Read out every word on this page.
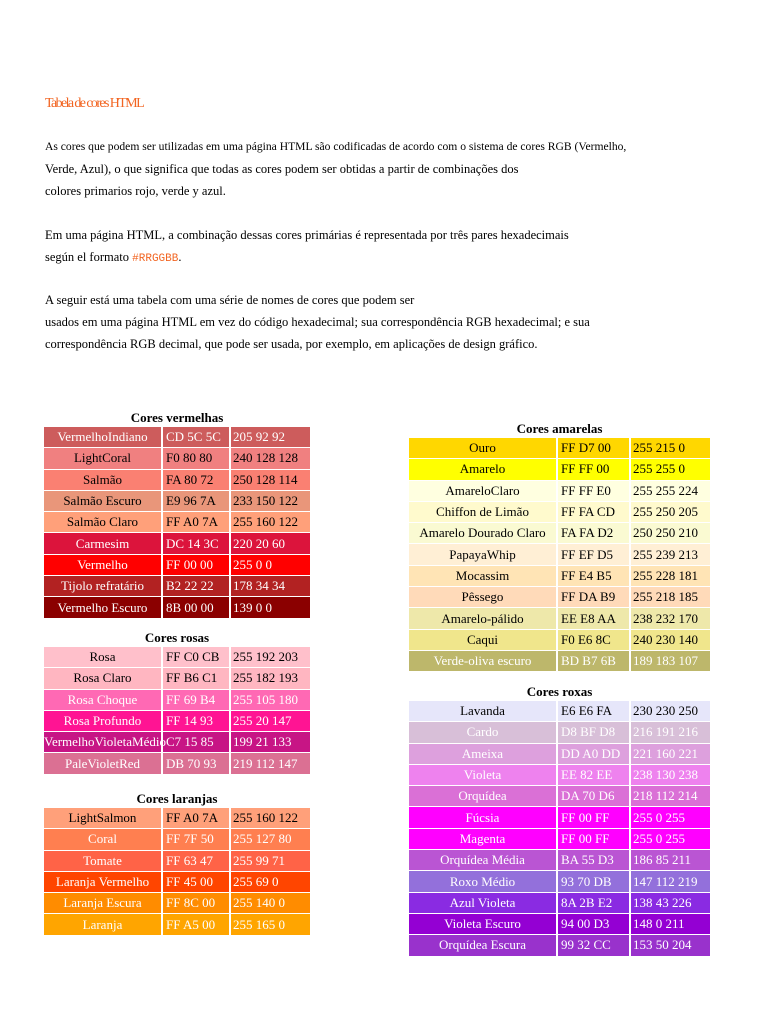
Tabela de cores HTML
As cores que podem ser utilizadas em uma página HTML são codificadas de acordo com o sistema de cores RGB (Vermelho,
Verde, Azul), o que significa que todas as cores podem ser obtidas a partir de combinações dos
colores primarios rojo, verde y azul.
Em uma página HTML, a combinação dessas cores primárias é representada por três pares hexadecimais
según el formato #RRGGBB.
A seguir está uma tabela com uma série de nomes de cores que podem ser
usados em uma página HTML em vez do código hexadecimal; sua correspondência RGB hexadecimal; e sua
correspondência RGB decimal, que pode ser usada, por exemplo, em aplicações de design gráfico.
Cores vermelhas
VermelhoIndiano	CD 5C 5C	205 92 92
LightCoral	F0 80 80	240 128 128
Salmão	FA 80 72	250 128 114
Salmão Escuro	E9 96 7A	233 150 122
Salmão Claro	FF A0 7A	255 160 122
Carmesim	DC 14 3C	220 20 60
Vermelho	FF 00 00	255 0 0
Tijolo refratário	B2 22 22	178 34 34
Vermelho Escuro	8B 00 00	139 0 0
Cores rosas
Rosa	FF C0 CB	255 192 203
Rosa Claro	FF B6 C1	255 182 193
Rosa Choque	FF 69 B4	255 105 180
Rosa Profundo	FF 14 93	255 20 147
VermelhoVioletaMédio	C7 15 85	199 21 133
PaleVioletRed	DB 70 93	219 112 147
Cores laranjas
LightSalmon	FF A0 7A	255 160 122
Coral	FF 7F 50	255 127 80
Tomate	FF 63 47	255 99 71
Laranja Vermelho	FF 45 00	255 69 0
Laranja Escura	FF 8C 00	255 140 0
Laranja	FF A5 00	255 165 0
Cores amarelas
Ouro	FF D7 00	255 215 0
Amarelo	FF FF 00	255 255 0
AmareloClaro	FF FF E0	255 255 224
Chiffon de Limão	FF FA CD	255 250 205
Amarelo Dourado Claro	FA FA D2	250 250 210
PapayaWhip	FF EF D5	255 239 213
Mocassim	FF E4 B5	255 228 181
Pêssego	FF DA B9	255 218 185
Amarelo-pálido	EE E8 AA	238 232 170
Caqui	F0 E6 8C	240 230 140
Verde-oliva escuro	BD B7 6B	189 183 107
Cores roxas
Lavanda	E6 E6 FA	230 230 250
Cardo	D8 BF D8	216 191 216
Ameixa	DD A0 DD	221 160 221
Violeta	EE 82 EE	238 130 238
Orquídea	DA 70 D6	218 112 214
Fúcsia	FF 00 FF	255 0 255
Magenta	FF 00 FF	255 0 255
Orquídea Média	BA 55 D3	186 85 211
Roxo Médio	93 70 DB	147 112 219
Azul Violeta	8A 2B E2	138 43 226
Violeta Escuro	94 00 D3	148 0 211
Orquídea Escura	99 32 CC	153 50 204
